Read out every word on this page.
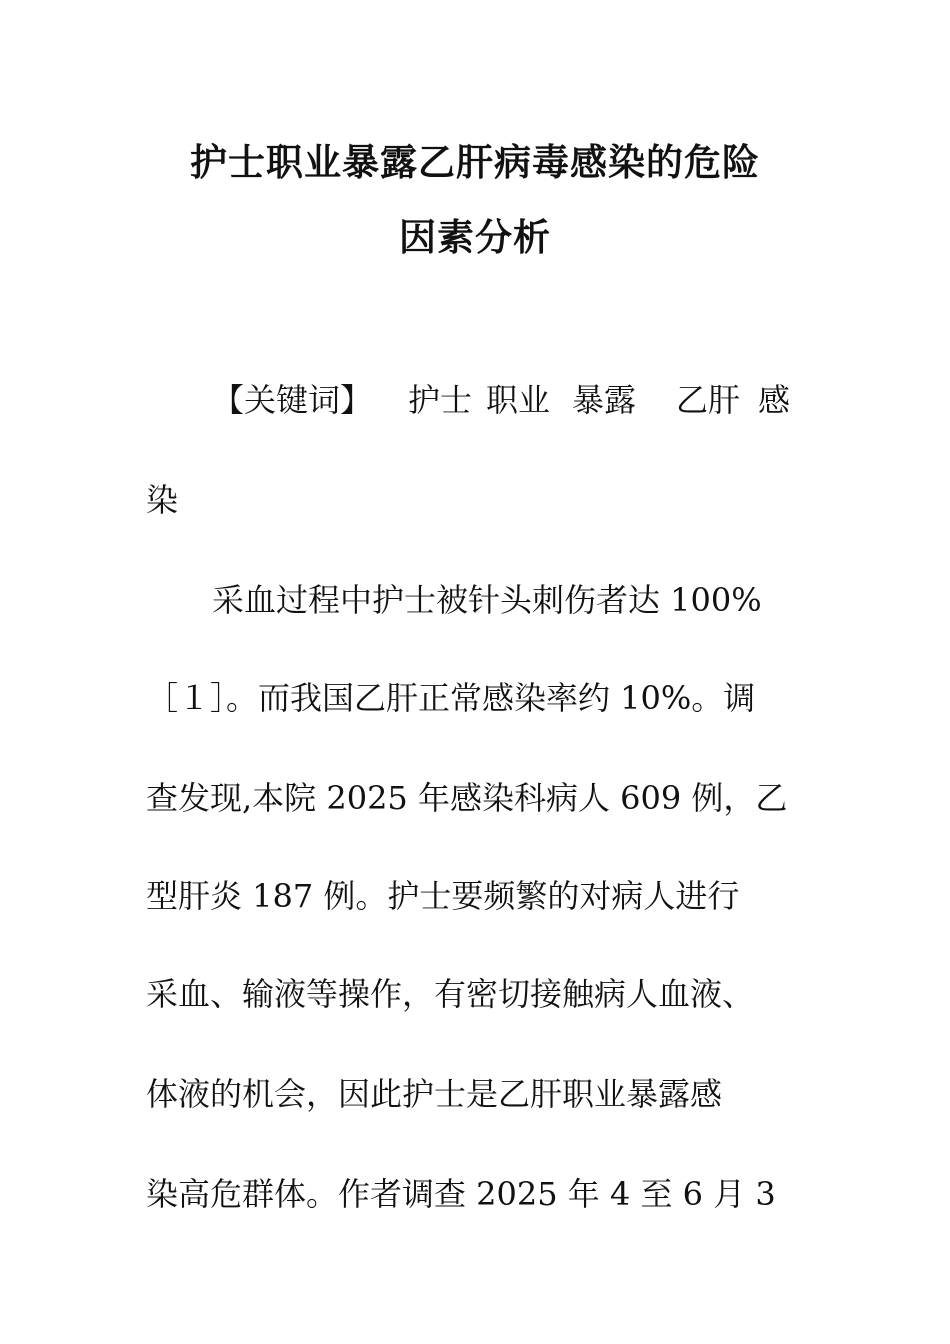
护士职业暴露乙肝病毒感染的危险
因素分析
【关键词】 护士 职业 暴露 乙肝 感
染
采血过程中护士被针头刺伤者达 100%
［１］。而我国乙肝正常感染率约 10%。调
查发现,本院 2025 年感染科病人 609 例，乙
型肝炎 187 例。护士要频繁的对病人进行
采血、输液等操作，有密切接触病人血液、
体液的机会，因此护士是乙肝职业暴露感
染高危群体。作者调查 2025 年 4 至 6 月 3
